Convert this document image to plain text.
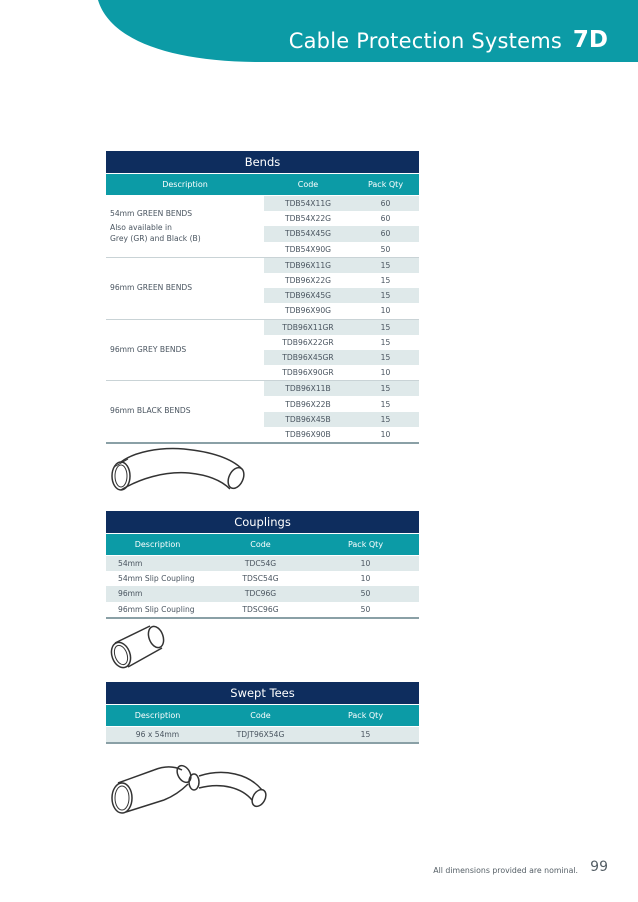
Cable Protection Systems 7D
Bends
Description	Code	Pack Qty
54mm GREEN BENDS
Also available in
Grey (GR) and Black (B)
TDB54X11G	60
TDB54X22G	60
TDB54X45G	60
TDB54X90G	50
96mm GREEN BENDS
TDB96X11G	15
TDB96X22G	15
TDB96X45G	15
TDB96X90G	10
96mm GREY BENDS
TDB96X11GR	15
TDB96X22GR	15
TDB96X45GR	15
TDB96X90GR	10
96mm BLACK BENDS
TDB96X11B	15
TDB96X22B	15
TDB96X45B	15
TDB96X90B	10
Couplings
Description	Code	Pack Qty
54mm	TDC54G	10
54mm Slip Coupling	TDSC54G	10
96mm	TDC96G	50
96mm Slip Coupling	TDSC96G	50
Swept Tees
Description	Code	Pack Qty
96 x 54mm	TDJT96X54G	15
All dimensions provided are nominal. 99
